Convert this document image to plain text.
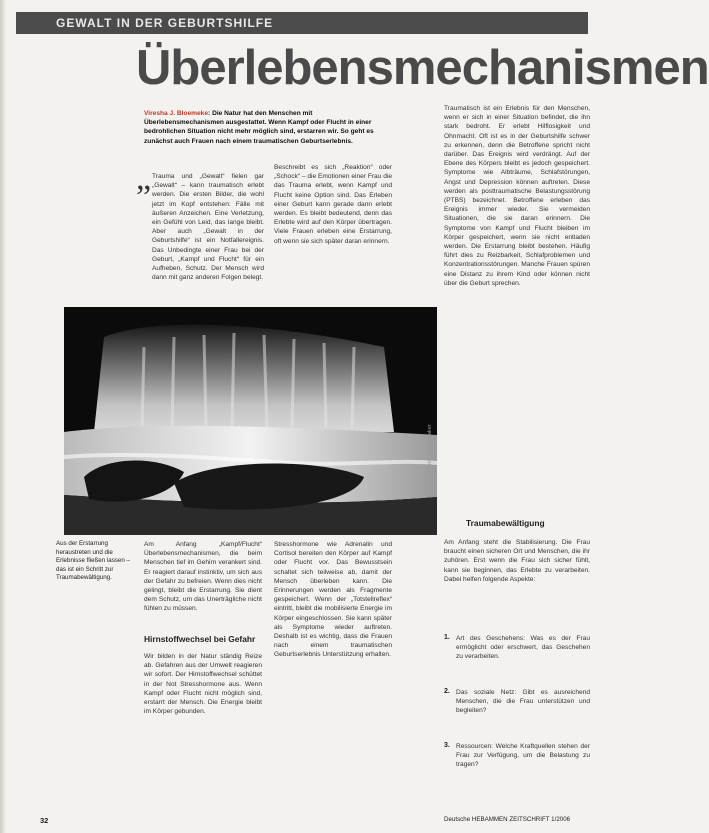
GEWALT IN DER GEBURTSHILFE
Überlebensmechanismen
Viresha J. Bloemeke: Die Natur hat den Menschen mit Überlebensmechanismen ausgestattet. Wenn Kampf oder Flucht in einer bedrohlichen Situation nicht mehr möglich sind, erstarren wir. So geht es zunächst auch Frauen nach einem traumatischen Geburtserlebnis.
„ Trauma und „Gewalt“ fielen gar „Gewalt“ – kann traumatisch erlebt werden. Die ersten Bilder, die wohl jetzt im Kopf entstehen: Fälle mit äußeren Anzeichen. Eine Verletzung, ein Gefühl von Leid, das lange bleibt. Aber auch „Gewalt in der Geburtshilfe“ ist ein Notfallereignis. Das Unbedingte einer Frau bei der Geburt, „Kampf und Flucht“ für ein Aufheben, Schutz. Der Mensch wird dann mit ganz anderen Folgen belegt.
Beschreibt es sich „Reaktion“ oder „Schock“ – die Emotionen einer Frau die das Trauma erlebt, wenn Kampf und Flucht keine Option sind. Das Erleben einer Geburt kann gerade dann erlebt werden. Es bleibt bedeutend, denn das Erlebte wird auf den Körper übertragen. Viele Frauen erleben eine Erstarrung, oft wenn sie sich später daran erinnern.
Traumatisch ist ein Erlebnis für den Menschen, wenn er sich in einer Situation befindet, die ihn stark bedroht. Er erlebt Hilflosigkeit und Ohnmacht. Oft ist es in der Geburtshilfe schwer zu erkennen, denn die Betroffene spricht nicht darüber. Das Ereignis wird verdrängt. Auf der Ebene des Körpers bleibt es jedoch gespeichert. Symptome wie Albträume, Schlafstörungen, Angst und Depression können auftreten. Diese werden als posttraumatische Belastungsstörung (PTBS) bezeichnet. Betroffene erleben das Ereignis immer wieder. Sie vermeiden Situationen, die sie daran erinnern. Die Symptome von Kampf und Flucht bleiben im Körper gespeichert, wenn sie nicht entladen werden. Die Erstarrung bleibt bestehen. Häufig führt dies zu Reizbarkeit, Schlafproblemen und Konzentrationsstörungen. Manche Frauen spüren eine Distanz zu ihrem Kind oder können nicht über die Geburt sprechen.
Foto: Jenny Haker
Aus der Erstarrung heraustreten und die Erlebnisse fließen lassen – das ist ein Schritt zur Traumabewältigung.
Am Anfang „Kampf/Flucht“ Überlebensmechanismen, die beim Menschen tief im Gehirn verankert sind. Er reagiert darauf instinktiv, um sich aus der Gefahr zu befreien. Wenn dies nicht gelingt, bleibt die Erstarrung. Sie dient dem Schutz, um das Unerträgliche nicht fühlen zu müssen.
Hirnstoffwechsel bei Gefahr
Wir bilden in der Natur ständig Reize ab. Gefahren aus der Umwelt reagieren wir sofort. Der Hirnstoffwechsel schüttet in der Not Stresshormone aus. Wenn Kampf oder Flucht nicht möglich sind, erstarrt der Mensch. Die Energie bleibt im Körper gebunden.
Stresshormone wie Adrenalin und Cortisol bereiten den Körper auf Kampf oder Flucht vor. Das Bewusstsein schaltet sich teilweise ab, damit der Mensch überleben kann. Die Erinnerungen werden als Fragmente gespeichert. Wenn der „Totstellreflex“ eintritt, bleibt die mobilisierte Energie im Körper eingeschlossen. Sie kann später als Symptome wieder auftreten. Deshalb ist es wichtig, dass die Frauen nach einem traumatischen Geburtserlebnis Unterstützung erhalten.
Traumabewältigung
Am Anfang steht die Stabilisierung. Die Frau braucht einen sicheren Ort und Menschen, die ihr zuhören. Erst wenn die Frau sich sicher fühlt, kann sie beginnen, das Erlebte zu verarbeiten. Dabei helfen folgende Aspekte:
1. Art des Geschehens: Was es der Frau ermöglicht oder erschwert, das Geschehen zu verarbeiten.
2. Das soziale Netz: Gibt es ausreichend Menschen, die die Frau unterstützen und begleiten?
3. Ressourcen: Welche Kraftquellen stehen der Frau zur Verfügung, um die Belastung zu tragen?
32	Deutsche HEBAMMEN ZEITSCHRIFT 1/2006
